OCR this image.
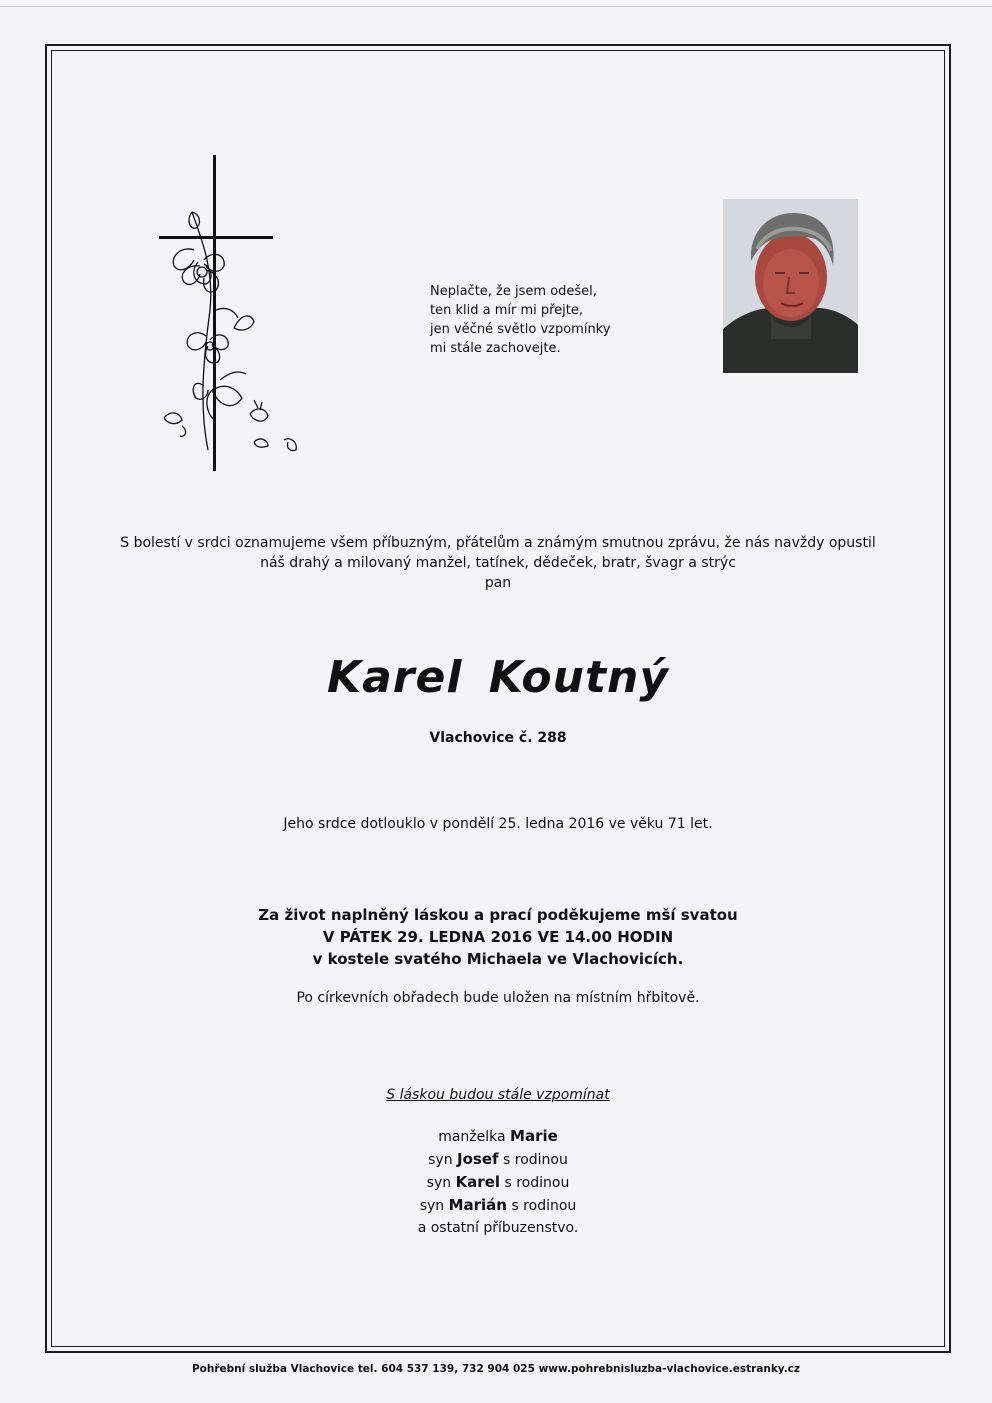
Neplačte, že jsem odešel,
ten klid a mír mi přejte,
jen věčné světlo vzpomínky
mi stále zachovejte.
S bolestí v srdci oznamujeme všem příbuzným, přátelům a známým smutnou zprávu, že nás navždy opustil
náš drahý a milovaný manžel, tatínek, dědeček, bratr, švagr a strýc
pan
Karel Koutný
Vlachovice č. 288
Jeho srdce dotlouklo v pondělí 25. ledna 2016 ve věku 71 let.
Za život naplněný láskou a prací poděkujeme mší svatou
V PÁTEK 29. LEDNA 2016 VE 14.00 HODIN
v kostele svatého Michaela ve Vlachovicích.
Po církevních obřadech bude uložen na místním hřbitově.
S láskou budou stále vzpomínat
manželka Marie
syn Josef s rodinou
syn Karel s rodinou
syn Marián s rodinou
a ostatní příbuzenstvo.
Pohřební služba Vlachovice tel. 604 537 139, 732 904 025 www.pohrebnisluzba-vlachovice.estranky.cz
